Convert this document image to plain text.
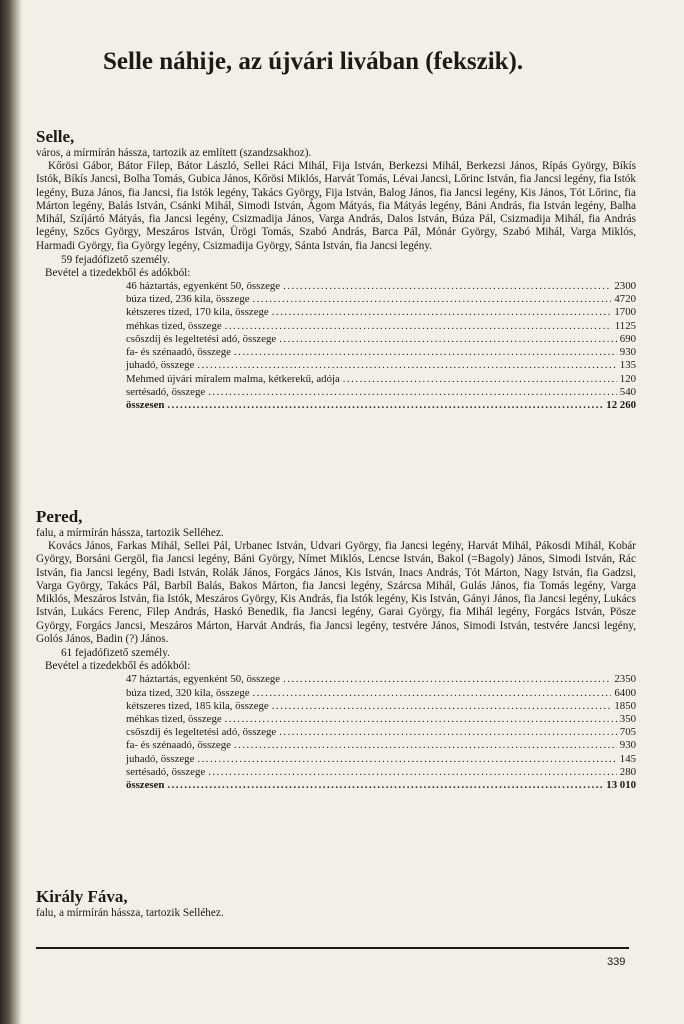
Selle náhije, az újvári livában (fekszik).
Selle,
város, a mírmírán hássza, tartozik az említett (szandzsakhoz).

Kőrösi Gábor, Bátor Filep, Bátor László, Sellei Ráci Mihál, Fija István, Berkezsi Mihál, Berkezsi János, Rípás György, Bíkís Istók, Bíkís Jancsi, Bolha Tomás, Gubica János, Kőrösi Miklós, Harvát Tomás, Lévai Jancsi, Lőrinc István, fia Jancsi legény, fia Istók legény, Buza János, fia Jancsi, fia Istók legény, Takács György, Fija István, Balog János, fia Jancsi legény, Kis János, Tót Lőrinc, fia Márton legény, Balás István, Csánki Mihál, Simodi István, Ágom Mátyás, fia Mátyás legény, Báni András, fia István legény, Balha Mihál, Szíjártó Mátyás, fia Jancsi legény, Csizmadija János, Varga András, Dalos István, Búza Pál, Csizmadija Mihál, fia András legény, Szőcs György, Meszáros István, Ürögi Tomás, Szabó András, Barca Pál, Mónár György, Szabó Mihál, Varga Miklós, Harmadi György, fia György legény, Csizmadija György, Sánta István, fia Jancsi legény.

59 fejadófizető személy.
Bevétel a tizedekből és adókból:
46 háztartás, egyenként 50, összege .....	2300
búza tized, 236 kila, összege .....	4720
kétszeres tized, 170 kila, összege .....	1700
méhkas tized, összege .....	1125
csőszdíj és legeltetési adó, összege .....	690
fa- és szénaadó, összege .....	930
juhadó, összege .....	135
Mehmed újvári míralem malma, kétkerekű, adója .....	120
sertésadó, összege .....	540
összesen .....	12 260
Pered,
falu, a mírmírán hássza, tartozik Selléhez.

Kovács János, Farkas Mihál, Sellei Pál, Urbanec István, Udvari György, fia Jancsi legény, Harvát Mihál, Pákosdi Mihál, Kobár György, Borsáni Gergöl, fia Jancsi legény, Báni György, Nímet Miklós, Lencse István, Bakol (=Bagoly) János, Simodi István, Rác István, fia Jancsi legény, Badi István, Rolák János, Forgács János, Kis István, Inacs András, Tót Márton, Nagy István, fia Gadzsi, Varga György, Takács Pál, Barbíl Balás, Bakos Márton, fia Jancsi legény, Szárcsa Mihál, Gulás János, fia Tomás legény, Varga Miklós, Meszáros István, fia Istók, Meszáros György, Kis András, fia Istók legény, Kis István, Gányi János, fia Jancsi legény, Lukács István, Lukács Ferenc, Filep András, Haskó Benedik, fia Jancsi legény, Garai György, fia Mihál legény, Forgács István, Pösze György, Forgács Jancsi, Meszáros Márton, Harvát András, fia Jancsi legény, testvére János, Simodi István, testvére Jancsi legény, Golós János, Badin (?) János.

61 fejadófizető személy.
Bevétel a tizedekből és adókból:
47 háztartás, egyenként 50, összege .....	2350
búza tized, 320 kila, összege .....	6400
kétszeres tized, 185 kila, összege .....	1850
méhkas tized, összege .....	350
csőszdíj és legeltetési adó, összege .....	705
fa- és szénaadó, összege .....	930
juhadó, összege .....	145
sertésadó, összege .....	280
összesen .....	13 010
Király Fáva,
falu, a mírmírán hássza, tartozik Selléhez.
339
